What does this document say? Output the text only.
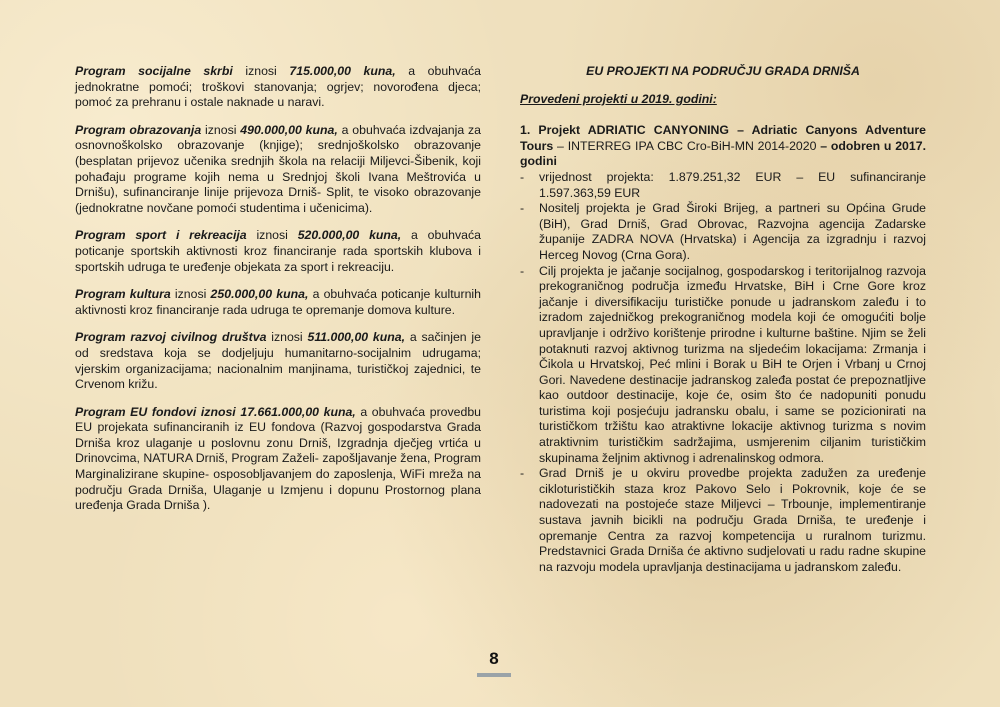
Program socijalne skrbi iznosi 715.000,00 kuna, a obuhvaća jednokratne pomoći; troškovi stanovanja; ogrjev; novorođena djeca; pomoć za prehranu i ostale naknade u naravi.

Program obrazovanja iznosi 490.000,00 kuna, a obuhvaća izdvajanja za osnovnoškolsko obrazovanje (knjige); srednjoškolsko obrazovanje (besplatan prijevoz učenika srednjih škola na relaciji Miljevci-Šibenik, koji pohađaju programe kojih nema u Srednjoj školi Ivana Meštrovića u Drnišu), sufinanciranje linije prijevoza Drniš- Split, te visoko obrazovanje (jednokratne novčane pomoći studentima i učenicima).

Program sport i rekreacija iznosi 520.000,00 kuna, a obuhvaća poticanje sportskih aktivnosti kroz financiranje rada sportskih klubova i sportskih udruga te uređenje objekata za sport i rekreaciju.

Program kultura iznosi 250.000,00 kuna, a obuhvaća poticanje kulturnih aktivnosti kroz financiranje rada udruga te opremanje domova kulture.

Program razvoj civilnog društva iznosi 511.000,00 kuna, a sačinjen je od sredstava koja se dodjeljuju humanitarno-socijalnim udrugama; vjerskim organizacijama; nacionalnim manjinama, turističkoj zajednici, te Crvenom križu.

Program EU fondovi iznosi 17.661.000,00 kuna, a obuhvaća provedbu EU projekata sufinanciranih iz EU fondova (Razvoj gospodarstva Grada Drniša kroz ulaganje u poslovnu zonu Drniš, Izgradnja dječjeg vrtića u Drinovcima, NATURA Drniš, Program Zaželi- zapošljavanje žena, Program Marginalizirane skupine- osposobljavanjem do zaposlenja, WiFi mreža na području Grada Drniša, Ulaganje u Izmjenu i dopunu Prostornog plana uređenja Grada Drniša ).

EU PROJEKTI NA PODRUČJU GRADA DRNIŠA
Provedeni projekti u 2019. godini:

1. Projekt ADRIATIC CANYONING – Adriatic Canyons Adventure Tours – INTERREG IPA CBC Cro-BiH-MN 2014-2020 – odobren u 2017. godini

- vrijednost projekta: 1.879.251,32 EUR – EU sufinanciranje 1.597.363,59 EUR
- Nositelj projekta je Grad Široki Brijeg, a partneri su Općina Grude (BiH), Grad Drniš, Grad Obrovac, Razvojna agencija Zadarske županije ZADRA NOVA (Hrvatska) i Agencija za izgradnju i razvoj Herceg Novog (Crna Gora).
- Cilj projekta je jačanje socijalnog, gospodarskog i teritorijalnog razvoja prekograničnog područja između Hrvatske, BiH i Crne Gore kroz jačanje i diversifikaciju turističke ponude u jadranskom zaleđu i to izradom zajedničkog prekograničnog modela koji će omogućiti bolje upravljanje i održivo korištenje prirodne i kulturne baštine. Njim se želi potaknuti razvoj aktivnog turizma na sljedećim lokacijama: Zrmanja i Čikola u Hrvatskoj, Peć mlini i Borak u BiH te Orjen i Vrbanj u Crnoj Gori. Navedene destinacije jadranskog zaleđa postat će prepoznatljive kao outdoor destinacije, koje će, osim što će nadopuniti ponudu turistima koji posjećuju jadransku obalu, i same se pozicionirati na turističkom tržištu kao atraktivne lokacije aktivnog turizma s novim atraktivnim turističkim sadržajima, usmjerenim ciljanim turističkim skupinama željnim aktivnog i adrenalinskog odmora.
- Grad Drniš je u okviru provedbe projekta zadužen za uređenje cikloturističkih staza kroz Pakovo Selo i Pokrovnik, koje će se nadovezati na postojeće staze Miljevci – Trbounje, implementiranje sustava javnih bicikli na području Grada Drniša, te uređenje i opremanje Centra za razvoj kompetencija u ruralnom turizmu. Predstavnici Grada Drniša će aktivno sudjelovati u radu radne skupine na razvoju modela upravljanja destinacijama u jadranskom zaleđu.
8
